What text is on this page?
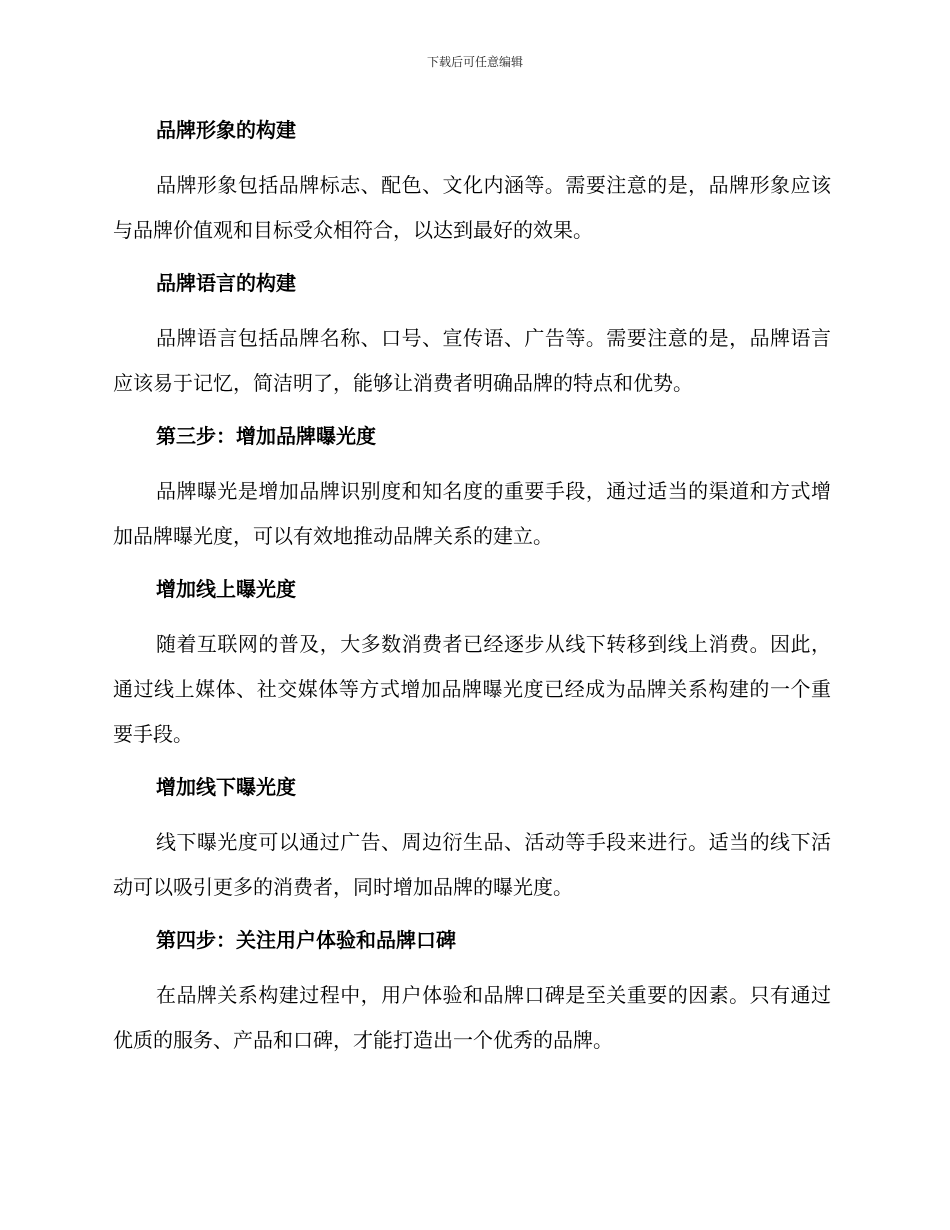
下载后可任意编辑
品牌形象的构建

品牌形象包括品牌标志、配色、文化内涵等。需要注意的是，品牌形象应该与品牌价值观和目标受众相符合，以达到最好的效果。

品牌语言的构建

品牌语言包括品牌名称、口号、宣传语、广告等。需要注意的是，品牌语言应该易于记忆，简洁明了，能够让消费者明确品牌的特点和优势。

第三步：增加品牌曝光度

品牌曝光是增加品牌识别度和知名度的重要手段，通过适当的渠道和方式增加品牌曝光度，可以有效地推动品牌关系的建立。

增加线上曝光度

随着互联网的普及，大多数消费者已经逐步从线下转移到线上消费。因此，通过线上媒体、社交媒体等方式增加品牌曝光度已经成为品牌关系构建的一个重要手段。

增加线下曝光度

线下曝光度可以通过广告、周边衍生品、活动等手段来进行。适当的线下活动可以吸引更多的消费者，同时增加品牌的曝光度。

第四步：关注用户体验和品牌口碑

在品牌关系构建过程中，用户体验和品牌口碑是至关重要的因素。只有通过优质的服务、产品和口碑，才能打造出一个优秀的品牌。
